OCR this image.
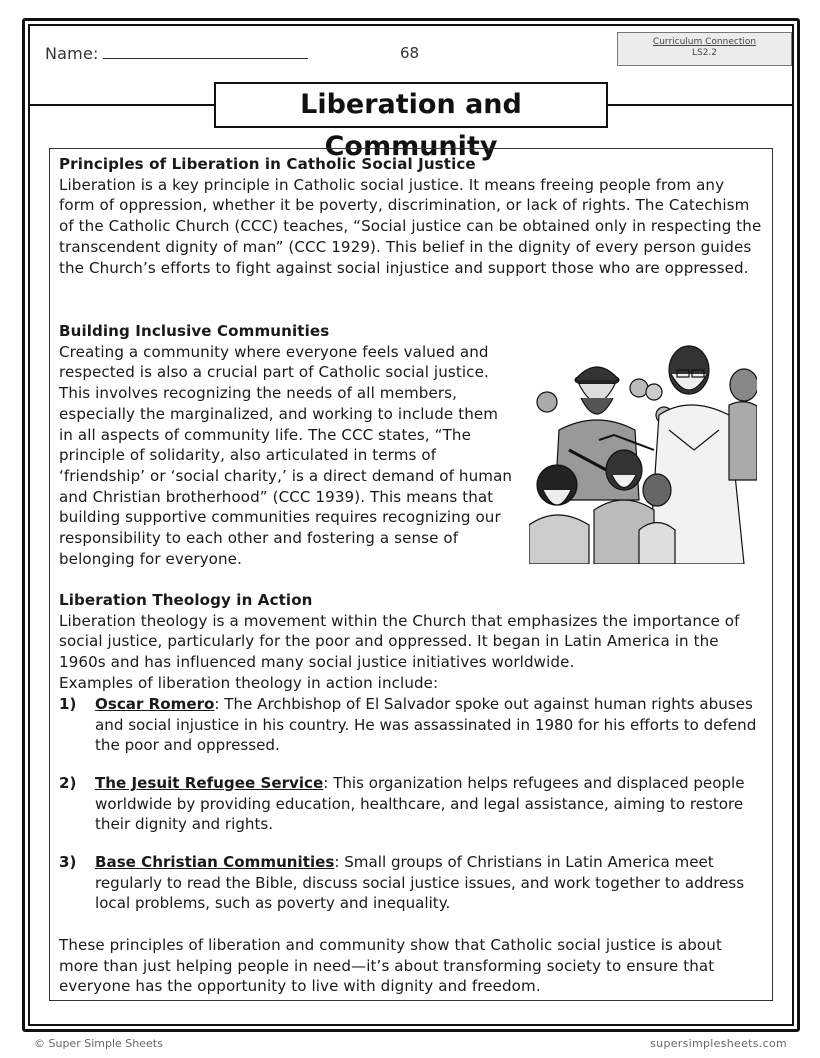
Name:	68
Curriculum Connection
LS2.2
Liberation and Community
Principles of Liberation in Catholic Social Justice
Liberation is a key principle in Catholic social justice. It means freeing people from any form of oppression, whether it be poverty, discrimination, or lack of rights. The Catechism of the Catholic Church (CCC) teaches, “Social justice can be obtained only in respecting the transcendent dignity of man” (CCC 1929). This belief in the dignity of every person guides the Church’s efforts to fight against social injustice and support those who are oppressed.
Building Inclusive Communities
Creating a community where everyone feels valued and respected is also a crucial part of Catholic social justice. This involves recognizing the needs of all members, especially the marginalized, and working to include them in all aspects of community life. The CCC states, “The principle of solidarity, also articulated in terms of ‘friendship’ or ‘social charity,’ is a direct demand of human and Christian brotherhood” (CCC 1939). This means that building supportive communities requires recognizing our responsibility to each other and fostering a sense of belonging for everyone.
Liberation Theology in Action
Liberation theology is a movement within the Church that emphasizes the importance of social justice, particularly for the poor and oppressed. It began in Latin America in the 1960s and has influenced many social justice initiatives worldwide.
Examples of liberation theology in action include:
1) Oscar Romero: The Archbishop of El Salvador spoke out against human rights abuses and social injustice in his country. He was assassinated in 1980 for his efforts to defend the poor and oppressed.
2) The Jesuit Refugee Service: This organization helps refugees and displaced people worldwide by providing education, healthcare, and legal assistance, aiming to restore their dignity and rights.
3) Base Christian Communities: Small groups of Christians in Latin America meet regularly to read the Bible, discuss social justice issues, and work together to address local problems, such as poverty and inequality.
These principles of liberation and community show that Catholic social justice is about more than just helping people in need—it’s about transforming society to ensure that everyone has the opportunity to live with dignity and freedom.
© Super Simple Sheets	supersimplesheets.com
